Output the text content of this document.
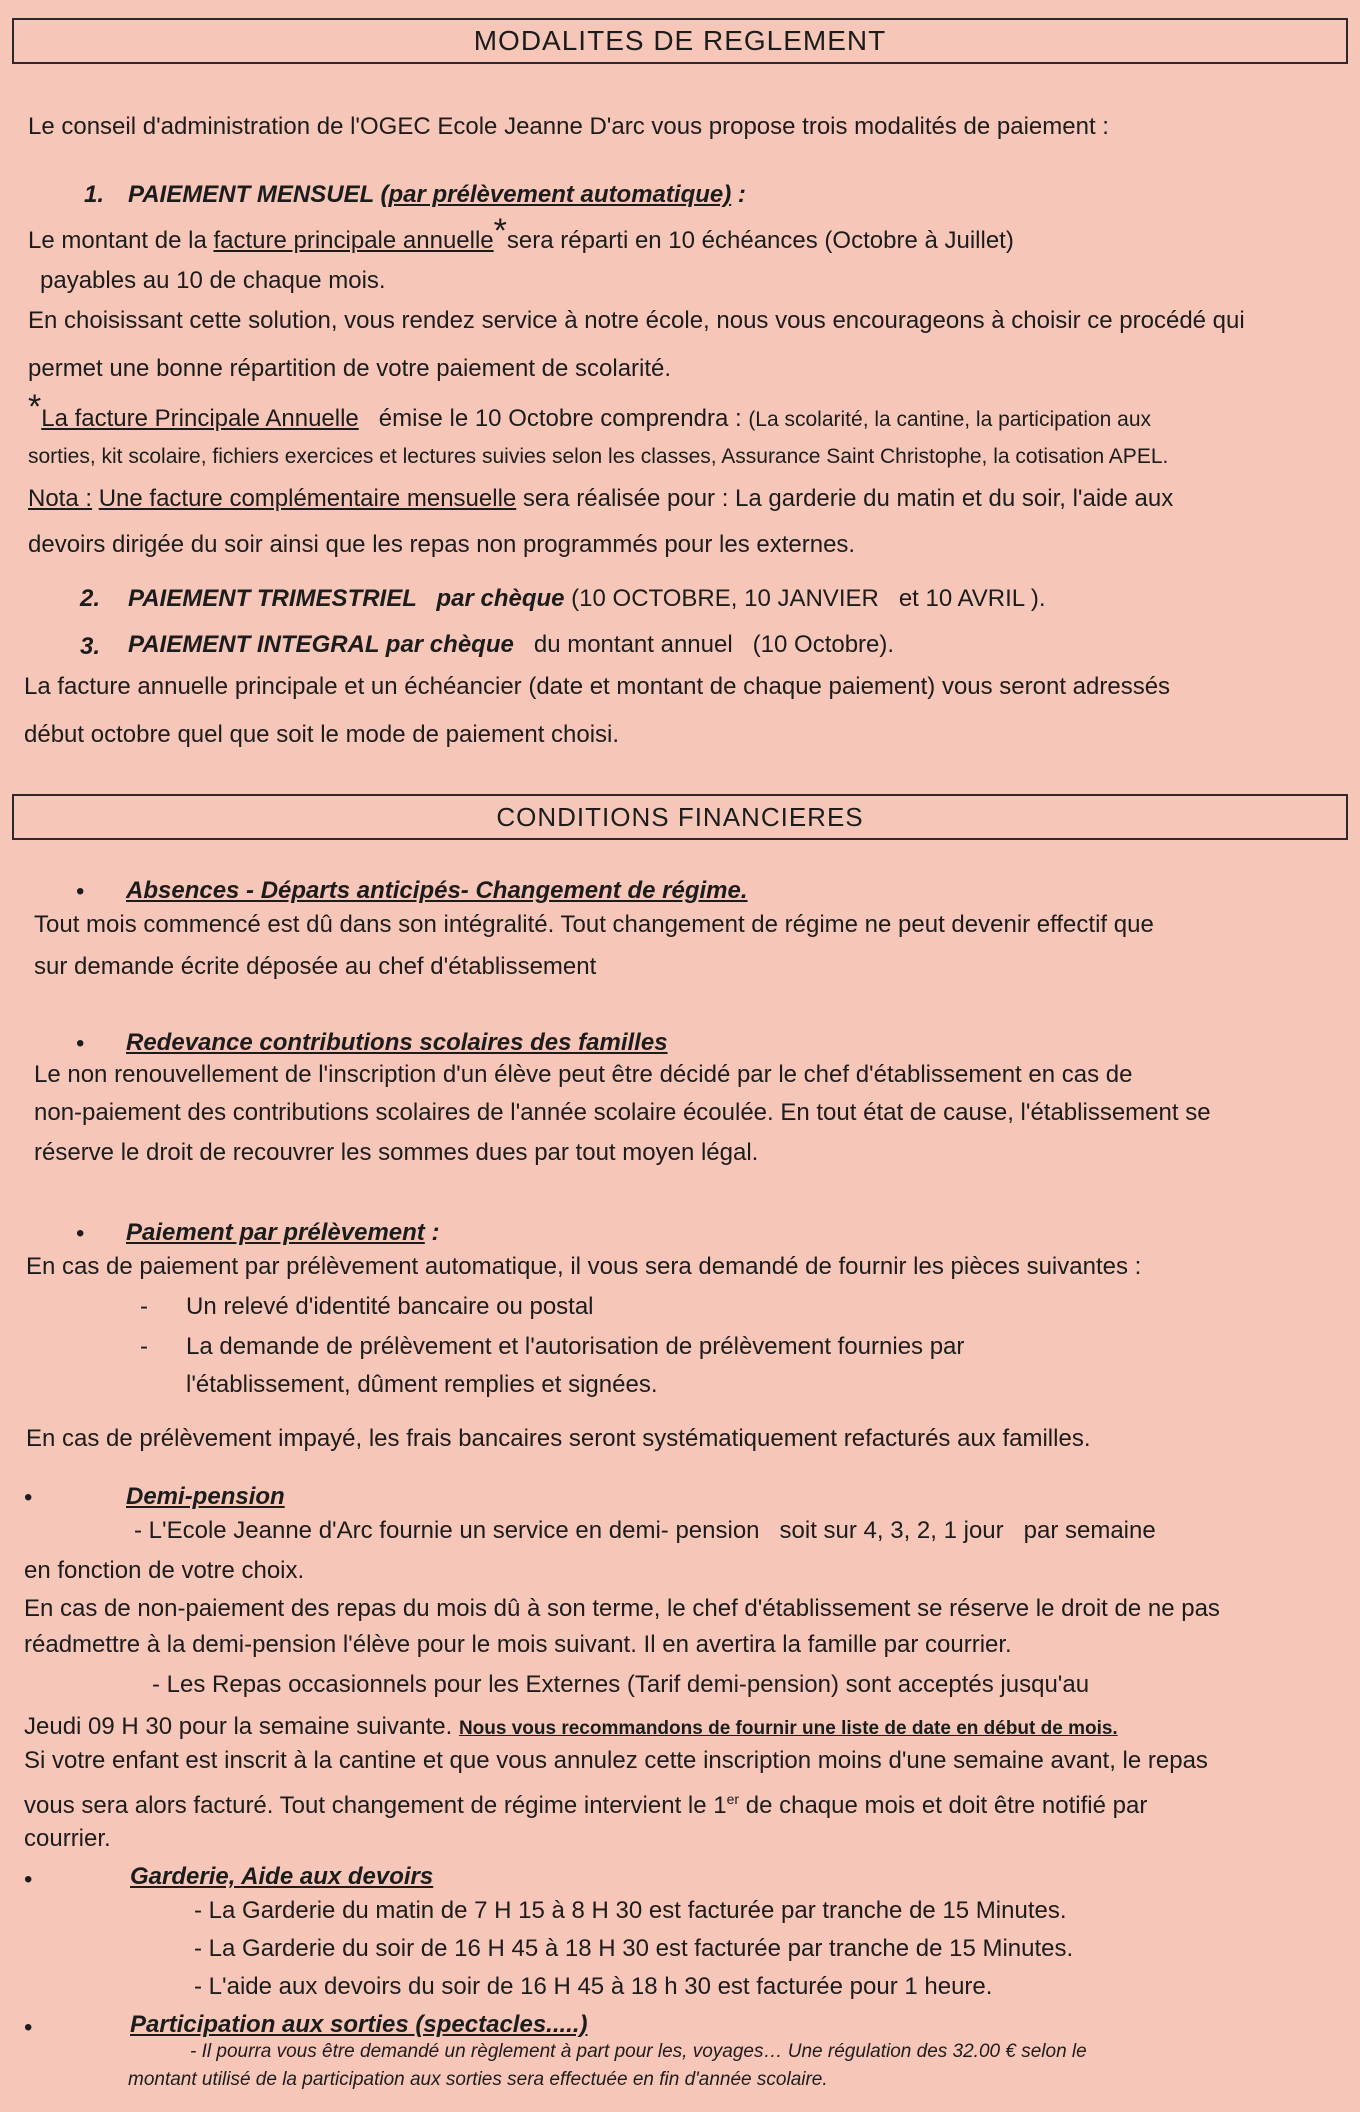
MODALITES DE REGLEMENT
Le conseil d'administration de l'OGEC Ecole Jeanne D'arc vous propose trois modalités de paiement :
1. PAIEMENT MENSUEL (par prélèvement automatique) :
Le montant de la facture principale annuelle*sera réparti en 10 échéances (Octobre à Juillet)
payables au 10 de chaque mois.
En choisissant cette solution, vous rendez service à notre école, nous vous encourageons à choisir ce procédé qui
permet une bonne répartition de votre paiement de scolarité.
*La facture Principale Annuelle émise le 10 Octobre comprendra : (La scolarité, la cantine, la participation aux
sorties, kit scolaire, fichiers exercices et lectures suivies selon les classes, Assurance Saint Christophe, la cotisation APEL.
Nota : Une facture complémentaire mensuelle sera réalisée pour : La garderie du matin et du soir, l'aide aux
devoirs dirigée du soir ainsi que les repas non programmés pour les externes.
2. PAIEMENT TRIMESTRIEL   par chèque (10 OCTOBRE, 10 JANVIER   et 10 AVRIL ).
3. PAIEMENT INTEGRAL par chèque du montant annuel   (10 Octobre).
La facture annuelle principale et un échéancier (date et montant de chaque paiement) vous seront adressés
début octobre quel que soit le mode de paiement choisi.
CONDITIONS FINANCIERES
• Absences - Départs anticipés- Changement de régime.
Tout mois commencé est dû dans son intégralité. Tout changement de régime ne peut devenir effectif que
sur demande écrite déposée au chef d'établissement
• Redevance contributions scolaires des familles
Le non renouvellement de l'inscription d'un élève peut être décidé par le chef d'établissement en cas de
non-paiement des contributions scolaires de l'année scolaire écoulée. En tout état de cause, l'établissement se
réserve le droit de recouvrer les sommes dues par tout moyen légal.
• Paiement par prélèvement :
En cas de paiement par prélèvement automatique, il vous sera demandé de fournir les pièces suivantes :
- Un relevé d'identité bancaire ou postal
- La demande de prélèvement et l'autorisation de prélèvement fournies par
l'établissement, dûment remplies et signées.
En cas de prélèvement impayé, les frais bancaires seront systématiquement refacturés aux familles.
•	Demi-pension
- L'Ecole Jeanne d'Arc fournie un service en demi- pension   soit sur 4, 3, 2, 1 jour   par semaine
en fonction de votre choix.
En cas de non-paiement des repas du mois dû à son terme, le chef d'établissement se réserve le droit de ne pas
réadmettre à la demi-pension l'élève pour le mois suivant. Il en avertira la famille par courrier.
- Les Repas occasionnels pour les Externes (Tarif demi-pension) sont acceptés jusqu'au
Jeudi 09 H 30 pour la semaine suivante. Nous vous recommandons de fournir une liste de date en début de mois.
Si votre enfant est inscrit à la cantine et que vous annulez cette inscription moins d'une semaine avant, le repas
vous sera alors facturé. Tout changement de régime intervient le 1er de chaque mois et doit être notifié par
courrier.
•	Garderie, Aide aux devoirs
- La Garderie du matin de 7 H 15 à 8 H 30 est facturée par tranche de 15 Minutes.
- La Garderie du soir de 16 H 45 à 18 H 30 est facturée par tranche de 15 Minutes.
- L'aide aux devoirs du soir de 16 H 45 à 18 h 30 est facturée pour 1 heure.
•	Participation aux sorties (spectacles.....)
- Il pourra vous être demandé un règlement à part pour les, voyages… Une régulation des 32.00 € selon le
montant utilisé de la participation aux sorties sera effectuée en fin d'année scolaire.
